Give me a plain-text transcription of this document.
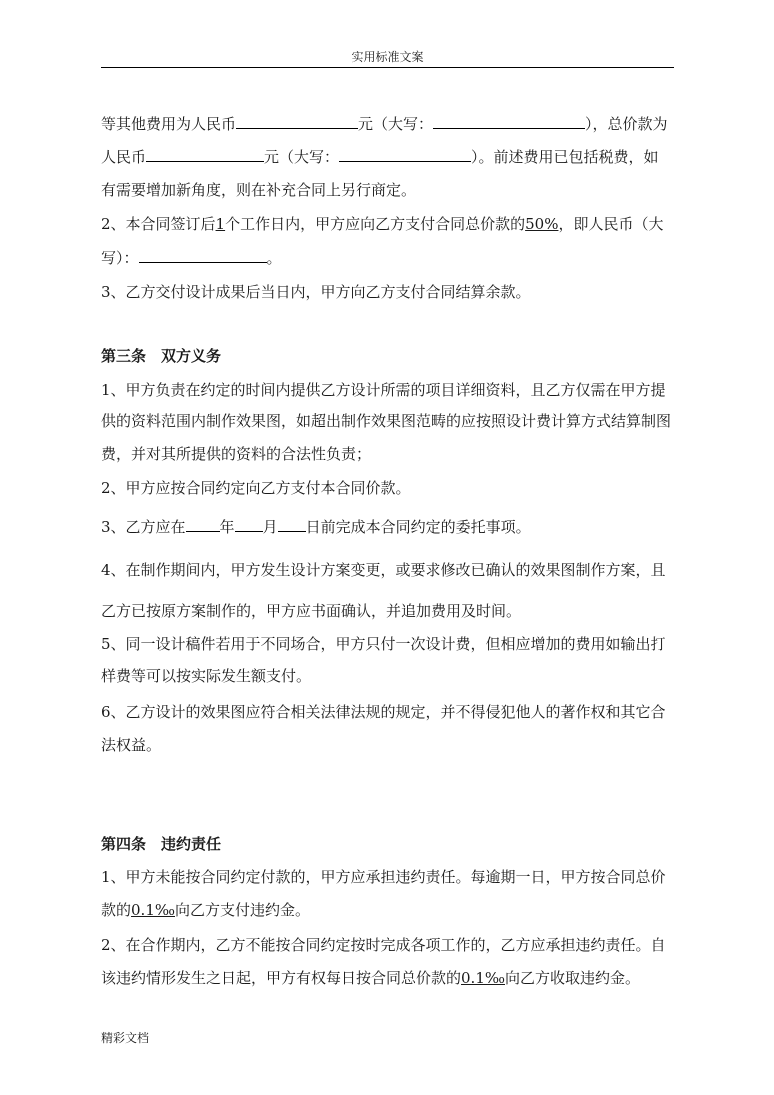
实用标准文案
等其他费用为人民币	元（大写：	），总价款为
人民币	元（大写：	）。前述费用已包括税费，如
有需要增加新角度，则在补充合同上另行商定。
2、本合同签订后1个工作日内，甲方应向乙方支付合同总价款的50%，即人民币（大
写）：	。
3、乙方交付设计成果后当日内，甲方向乙方支付合同结算余款。
第三条　双方义务
1、甲方负责在约定的时间内提供乙方设计所需的项目详细资料，且乙方仅需在甲方提
供的资料范围内制作效果图，如超出制作效果图范畴的应按照设计费计算方式结算制图
费，并对其所提供的资料的合法性负责；
2、甲方应按合同约定向乙方支付本合同价款。
3、乙方应在 年 月 日前完成本合同约定的委托事项。
4、在制作期间内，甲方发生设计方案变更，或要求修改已确认的效果图制作方案，且
乙方已按原方案制作的，甲方应书面确认，并追加费用及时间。
5、同一设计稿件若用于不同场合，甲方只付一次设计费，但相应增加的费用如输出打
样费等可以按实际发生额支付。
6、乙方设计的效果图应符合相关法律法规的规定，并不得侵犯他人的著作权和其它合
法权益。
第四条　违约责任
1、甲方未能按合同约定付款的，甲方应承担违约责任。每逾期一日，甲方按合同总价
款的0.1‰向乙方支付违约金。
2、在合作期内，乙方不能按合同约定按时完成各项工作的，乙方应承担违约责任。自
该违约情形发生之日起，甲方有权每日按合同总价款的0.1‰向乙方收取违约金。
精彩文档
